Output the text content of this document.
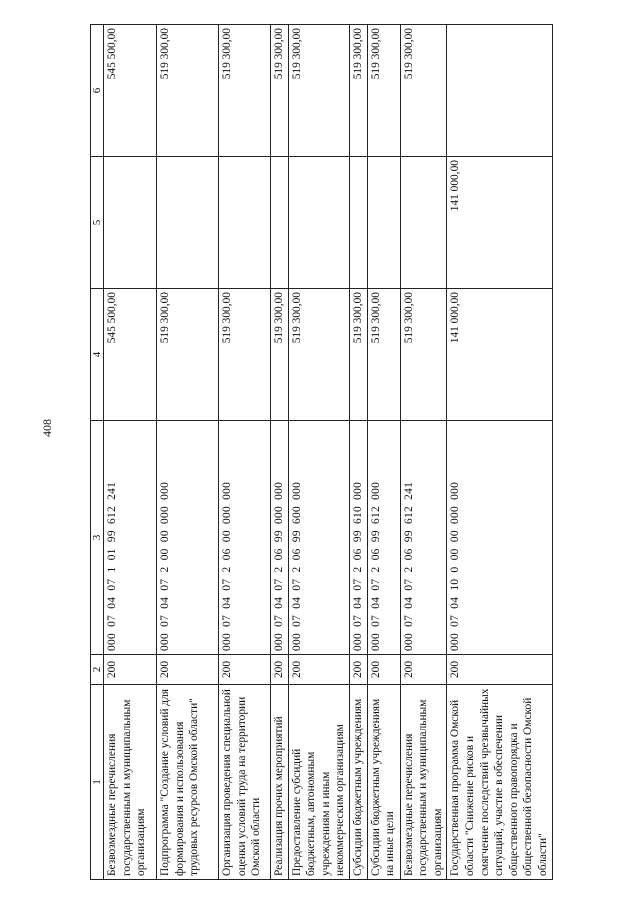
408
1	2	3	4	5	6
Безвозмездные перечисления государственным и муниципальным организациям	200	000 07 04 07 1 01 99 612 241	545 500,00		545 500,00
Подпрограмма "Создание условий для формирования и использования трудовых ресурсов Омской области"	200	000 07 04 07 2 00 00 000 000	519 300,00		519 300,00
Организация проведения специальной оценки условий труда на территории Омской области	200	000 07 04 07 2 06 00 000 000	519 300,00		519 300,00
Реализация прочих мероприятий	200	000 07 04 07 2 06 99 000 000	519 300,00		519 300,00
Предоставление субсидий бюджетным, автономным учреждениям и иным некоммерческим организациям	200	000 07 04 07 2 06 99 600 000	519 300,00		519 300,00
Субсидии бюджетным учреждениям	200	000 07 04 07 2 06 99 610 000	519 300,00		519 300,00
Субсидии бюджетным учреждениям на иные цели	200	000 07 04 07 2 06 99 612 000	519 300,00		519 300,00
Безвозмездные перечисления государственным и муниципальным организациям	200	000 07 04 07 2 06 99 612 241	519 300,00		519 300,00
Государственная программа Омской области "Снижение рисков и смягчение последствий чрезвычайных ситуаций, участие в обеспечении общественного правопорядка и общественной безопасности Омской области"	200	000 07 04 10 0 00 00 000 000	141 000,00	141 000,00	
